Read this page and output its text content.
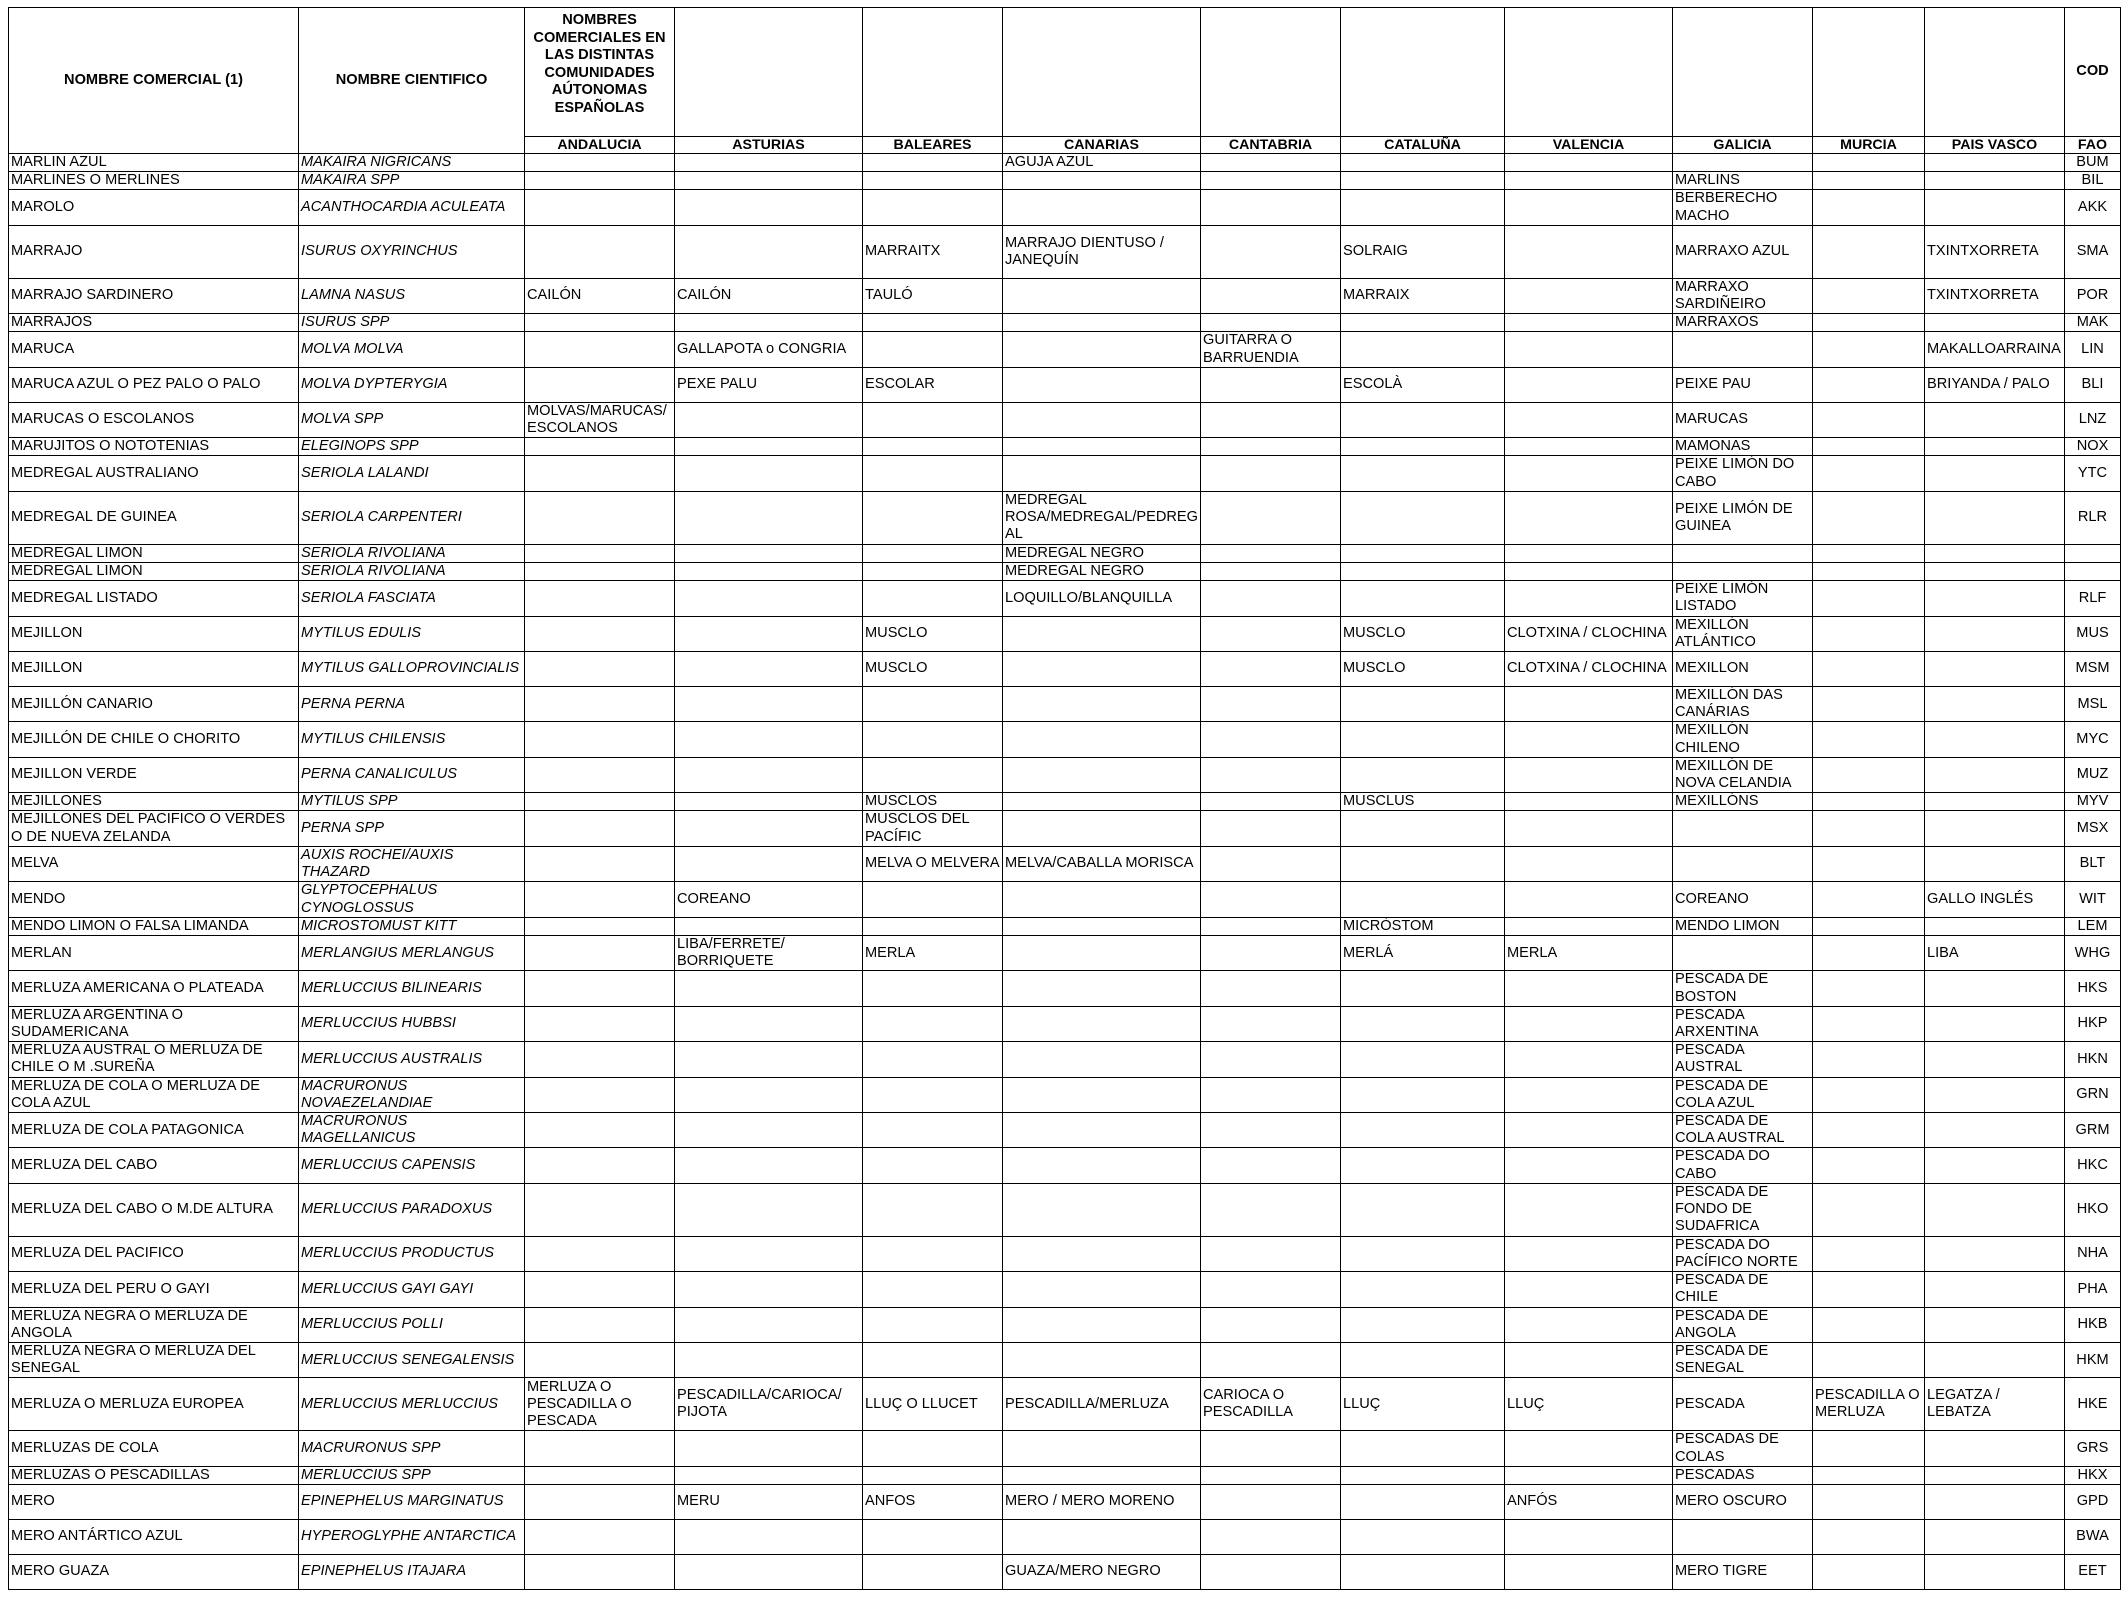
NOMBRE COMERCIAL (1)	NOMBRE CIENTIFICO	NOMBRES COMERCIALES EN LAS DISTINTAS COMUNIDADES AÚTONOMAS ESPAÑOLAS										COD
		ANDALUCIA	ASTURIAS	BALEARES	CANARIAS	CANTABRIA	CATALUÑA	VALENCIA	GALICIA	MURCIA	PAIS VASCO	FAO
MARLIN AZUL	MAKAIRA NIGRICANS				AGUJA AZUL							BUM
MARLINES O MERLINES	MAKAIRA SPP								MARLINS			BIL
MAROLO	ACANTHOCARDIA ACULEATA								BERBERECHO MACHO			AKK
MARRAJO	ISURUS OXYRINCHUS			MARRAITX	MARRAJO DIENTUSO / JANEQUÍN		SOLRAIG		MARRAXO AZUL		TXINTXORRETA	SMA
MARRAJO SARDINERO	LAMNA NASUS	CAILÓN	CAILÓN	TAULÓ			MARRAIX		MARRAXO SARDIÑEIRO		TXINTXORRETA	POR
MARRAJOS	ISURUS SPP								MARRAXOS			MAK
MARUCA	MOLVA MOLVA		GALLAPOTA o CONGRIA			GUITARRA O BARRUENDIA					MAKALLOARRAINA	LIN
MARUCA AZUL O PEZ PALO O PALO	MOLVA DYPTERYGIA		PEXE PALU	ESCOLAR			ESCOLÀ		PEIXE PAU		BRIYANDA / PALO	BLI
MARUCAS O ESCOLANOS	MOLVA SPP	MOLVAS/MARUCAS/ ESCOLANOS							MARUCAS			LNZ
MARUJITOS O NOTOTENIAS	ELEGINOPS SPP								MAMONAS			NOX
MEDREGAL AUSTRALIANO	SERIOLA LALANDI								PEIXE LIMÓN DO CABO			YTC
MEDREGAL DE GUINEA	SERIOLA CARPENTERI				MEDREGAL ROSA/MEDREGAL/PEDREG AL				PEIXE LIMÓN DE GUINEA			RLR
MEDREGAL LIMON	SERIOLA RIVOLIANA				MEDREGAL NEGRO							
MEDREGAL LIMON	SERIOLA RIVOLIANA				MEDREGAL NEGRO							
MEDREGAL LISTADO	SERIOLA FASCIATA				LOQUILLO/BLANQUILLA				PEIXE LIMÓN LISTADO			RLF
MEJILLON	MYTILUS EDULIS			MUSCLO			MUSCLO	CLOTXINA / CLOCHINA	MEXILLÓN ATLÁNTICO			MUS
MEJILLON	MYTILUS GALLOPROVINCIALIS			MUSCLO			MUSCLO	CLOTXINA / CLOCHINA	MEXILLON			MSM
MEJILLÓN CANARIO	PERNA PERNA								MEXILLÓN DAS CANÁRIAS			MSL
MEJILLÓN DE CHILE O CHORITO	MYTILUS CHILENSIS								MEXILLÓN CHILENO			MYC
MEJILLON VERDE	PERNA CANALICULUS								MEXILLÓN DE NOVA CELANDIA			MUZ
MEJILLONES	MYTILUS SPP			MUSCLOS			MUSCLUS		MEXILLÓNS			MYV
MEJILLONES DEL PACIFICO O VERDES O DE NUEVA ZELANDA	PERNA SPP			MUSCLOS DEL PACÍFIC								MSX
MELVA	AUXIS ROCHEI/AUXIS THAZARD			MELVA O MELVERA	MELVA/CABALLA MORISCA							BLT
MENDO	GLYPTOCEPHALUS CYNOGLOSSUS		COREANO						COREANO		GALLO INGLÉS	WIT
MENDO LIMON O FALSA LIMANDA	MICROSTOMUST KITT						MICRÒSTOM		MENDO LIMON			LEM
MERLAN	MERLANGIUS MERLANGUS		LIBA/FERRETE/ BORRIQUETE	MERLA			MERLÁ	MERLA			LIBA	WHG
MERLUZA AMERICANA O PLATEADA	MERLUCCIUS BILINEARIS								PESCADA DE BOSTON			HKS
MERLUZA ARGENTINA O SUDAMERICANA	MERLUCCIUS HUBBSI								PESCADA ARXENTINA			HKP
MERLUZA AUSTRAL O MERLUZA DE CHILE O M .SUREÑA	MERLUCCIUS AUSTRALIS								PESCADA AUSTRAL			HKN
MERLUZA DE COLA O MERLUZA DE COLA AZUL	MACRURONUS NOVAEZELANDIAE								PESCADA DE COLA AZUL			GRN
MERLUZA DE COLA PATAGONICA	MACRURONUS MAGELLANICUS								PESCADA DE COLA AUSTRAL			GRM
MERLUZA DEL CABO	MERLUCCIUS CAPENSIS								PESCADA DO CABO			HKC
MERLUZA DEL CABO O M.DE ALTURA	MERLUCCIUS PARADOXUS								PESCADA DE FONDO DE SUDAFRICA			HKO
MERLUZA DEL PACIFICO	MERLUCCIUS PRODUCTUS								PESCADA DO PACÍFICO NORTE			NHA
MERLUZA DEL PERU O GAYI	MERLUCCIUS GAYI GAYI								PESCADA DE CHILE			PHA
MERLUZA NEGRA O MERLUZA DE ANGOLA	MERLUCCIUS POLLI								PESCADA DE ANGOLA			HKB
MERLUZA NEGRA O MERLUZA DEL SENEGAL	MERLUCCIUS SENEGALENSIS								PESCADA DE SENEGAL			HKM
MERLUZA O MERLUZA EUROPEA	MERLUCCIUS MERLUCCIUS	MERLUZA O PESCADILLA O PESCADA	PESCADILLA/CARIOCA/ PIJOTA	LLUÇ O LLUCET	PESCADILLA/MERLUZA	CARIOCA O PESCADILLA	LLUÇ	LLUÇ	PESCADA	PESCADILLA O MERLUZA	LEGATZA / LEBATZA	HKE
MERLUZAS DE COLA	MACRURONUS SPP								PESCADAS DE COLAS			GRS
MERLUZAS O PESCADILLAS	MERLUCCIUS SPP								PESCADAS			HKX
MERO	EPINEPHELUS MARGINATUS		MERU	ANFOS	MERO / MERO MORENO			ANFÓS	MERO OSCURO			GPD
MERO ANTÁRTICO AZUL	HYPEROGLYPHE ANTARCTICA											BWA
MERO GUAZA	EPINEPHELUS ITAJARA				GUAZA/MERO NEGRO				MERO TIGRE			EET
